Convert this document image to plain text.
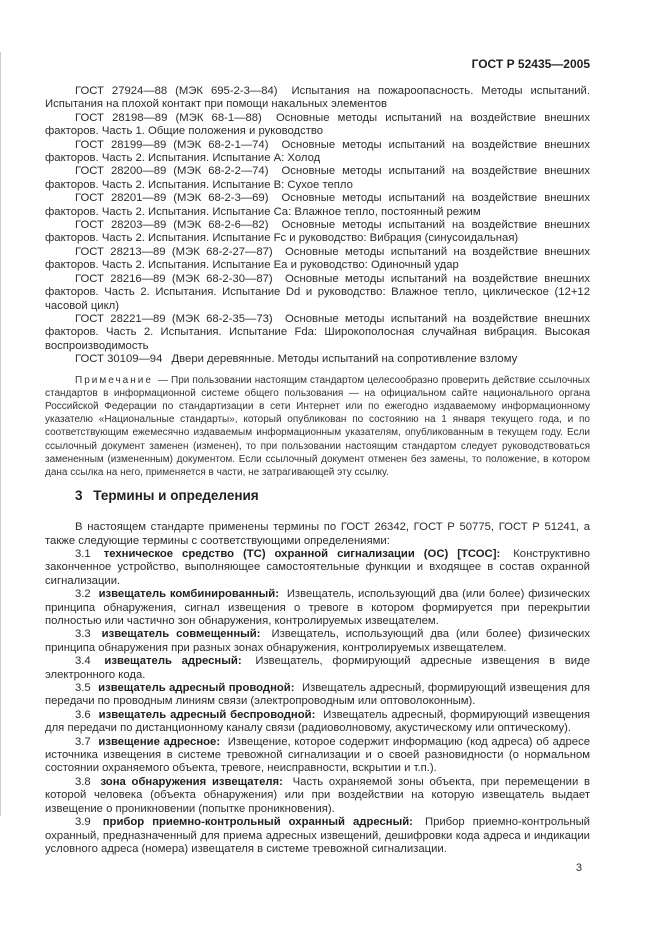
ГОСТ Р 52435—2005

ГОСТ 27924—88 (МЭК 695-2-3—84) Испытания на пожароопасность. Методы испытаний. Испытания на плохой контакт при помощи накальных элементов

ГОСТ 28198—89 (МЭК 68-1—88) Основные методы испытаний на воздействие внешних факторов. Часть 1. Общие положения и руководство

ГОСТ 28199—89 (МЭК 68-2-1—74) Основные методы испытаний на воздействие внешних факторов. Часть 2. Испытания. Испытание A: Холод

ГОСТ 28200—89 (МЭК 68-2-2—74) Основные методы испытаний на воздействие внешних факторов. Часть 2. Испытания. Испытание B: Сухое тепло

ГОСТ 28201—89 (МЭК 68-2-3—69) Основные методы испытаний на воздействие внешних факторов. Часть 2. Испытания. Испытание Ca: Влажное тепло, постоянный режим

ГОСТ 28203—89 (МЭК 68-2-6—82) Основные методы испытаний на воздействие внешних факторов. Часть 2. Испытания. Испытание Fc и руководство: Вибрация (синусоидальная)

ГОСТ 28213—89 (МЭК 68-2-27—87) Основные методы испытаний на воздействие внешних факторов. Часть 2. Испытания. Испытание Ea и руководство: Одиночный удар

ГОСТ 28216—89 (МЭК 68-2-30—87) Основные методы испытаний на воздействие внешних факторов. Часть 2. Испытания. Испытание Dd и руководство: Влажное тепло, циклическое (12+12 часовой цикл)

ГОСТ 28221—89 (МЭК 68-2-35—73) Основные методы испытаний на воздействие внешних факторов. Часть 2. Испытания. Испытание Fda: Широкополосная случайная вибрация. Высокая воспроизводимость

ГОСТ 30109—94 Двери деревянные. Методы испытаний на сопротивление взлому

Примечание — При пользовании настоящим стандартом целесообразно проверить действие ссылочных стандартов в информационной системе общего пользования — на официальном сайте национального органа Российской Федерации по стандартизации в сети Интернет или по ежегодно издаваемому информационному указателю «Национальные стандарты», который опубликован по состоянию на 1 января текущего года, и по соответствующим ежемесячно издаваемым информационным указателям, опубликованным в текущем году. Если ссылочный документ заменен (изменен), то при пользовании настоящим стандартом следует руководствоваться замененным (измененным) документом. Если ссылочный документ отменен без замены, то положение, в котором дана ссылка на него, применяется в части, не затрагивающей эту ссылку.

3 Термины и определения

В настоящем стандарте применены термины по ГОСТ 26342, ГОСТ Р 50775, ГОСТ Р 51241, а также следующие термины с соответствующими определениями:

3.1 техническое средство (ТС) охранной сигнализации (ОС) [ТСОС]: Конструктивно законченное устройство, выполняющее самостоятельные функции и входящее в состав охранной сигнализации.

3.2 извещатель комбинированный: Извещатель, использующий два (или более) физических принципа обнаружения, сигнал извещения о тревоге в котором формируется при перекрытии полностью или частично зон обнаружения, контролируемых извещателем.

3.3 извещатель совмещенный: Извещатель, использующий два (или более) физических принципа обнаружения при разных зонах обнаружения, контролируемых извещателем.

3.4 извещатель адресный: Извещатель, формирующий адресные извещения в виде электронного кода.

3.5 извещатель адресный проводной: Извещатель адресный, формирующий извещения для передачи по проводным линиям связи (электропроводным или оптоволоконным).

3.6 извещатель адресный беспроводной: Извещатель адресный, формирующий извещения для передачи по дистанционному каналу связи (радиоволновому, акустическому или оптическому).

3.7 извещение адресное: Извещение, которое содержит информацию (код адреса) об адресе источника извещения в системе тревожной сигнализации и о своей разновидности (о нормальном состоянии охраняемого объекта, тревоге, неисправности, вскрытии и т.п.).

3.8 зона обнаружения извещателя: Часть охраняемой зоны объекта, при перемещении в которой человека (объекта обнаружения) или при воздействии на которую извещатель выдает извещение о проникновении (попытке проникновения).

3.9 прибор приемно-контрольный охранный адресный: Прибор приемно-контрольный охранный, предназначенный для приема адресных извещений, дешифровки кода адреса и индикации условного адреса (номера) извещателя в системе тревожной сигнализации.

3
